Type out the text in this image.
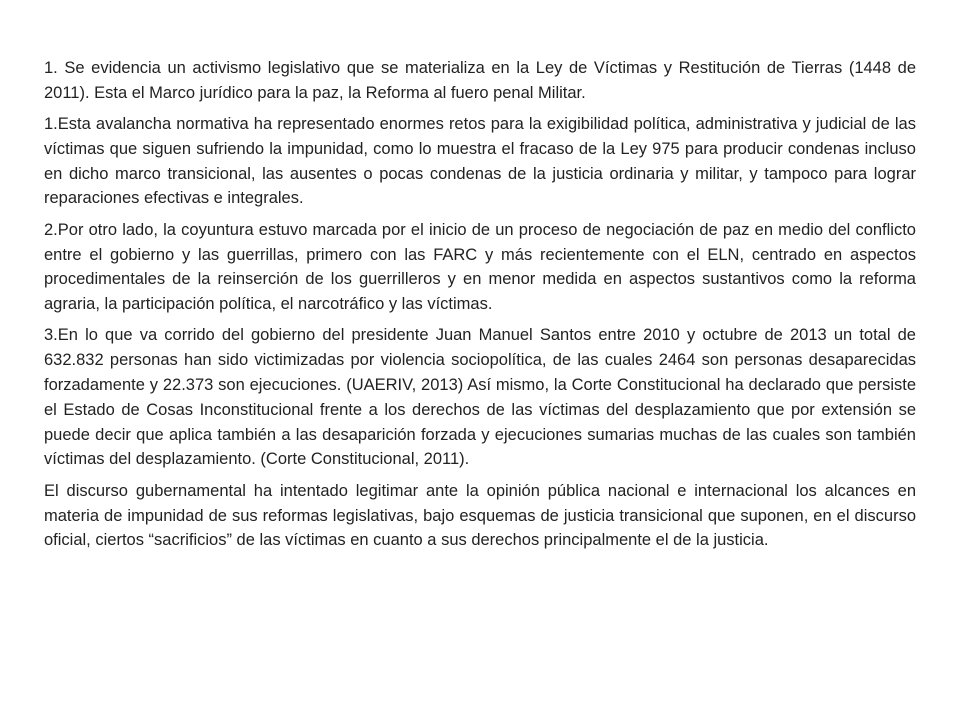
1. Se evidencia un activismo legislativo que se materializa en la Ley de Víctimas y Restitución de Tierras (1448 de 2011). Esta el Marco jurídico para la paz, la Reforma al fuero penal Militar.

1.Esta avalancha normativa ha representado enormes retos para la exigibilidad política, administrativa y judicial de las víctimas que siguen sufriendo la impunidad, como lo muestra el fracaso de la Ley 975 para producir condenas incluso en dicho marco transicional, las ausentes o pocas condenas de la justicia ordinaria y militar, y tampoco para lograr reparaciones efectivas e integrales.

2.Por otro lado, la coyuntura estuvo marcada por el inicio de un proceso de negociación de paz en medio del conflicto entre el gobierno y las guerrillas, primero con las FARC y más recientemente con el ELN, centrado en aspectos procedimentales de la reinserción de los guerrilleros y en menor medida en aspectos sustantivos como la reforma agraria, la participación política, el narcotráfico y las víctimas.

3.En lo que va corrido del gobierno del presidente Juan Manuel Santos entre 2010 y octubre de 2013 un total de 632.832 personas han sido victimizadas por violencia sociopolítica, de las cuales 2464 son personas desaparecidas forzadamente y 22.373 son ejecuciones. (UAERIV, 2013) Así mismo, la Corte Constitucional ha declarado que persiste el Estado de Cosas Inconstitucional frente a los derechos de las víctimas del desplazamiento que por extensión se puede decir que aplica también a las desaparición forzada y ejecuciones sumarias muchas de las cuales son también víctimas del desplazamiento. (Corte Constitucional, 2011).

El discurso gubernamental ha intentado legitimar ante la opinión pública nacional e internacional los alcances en materia de impunidad de sus reformas legislativas, bajo esquemas de justicia transicional que suponen, en el discurso oficial, ciertos “sacrificios” de las víctimas en cuanto a sus derechos principalmente el de la justicia.
